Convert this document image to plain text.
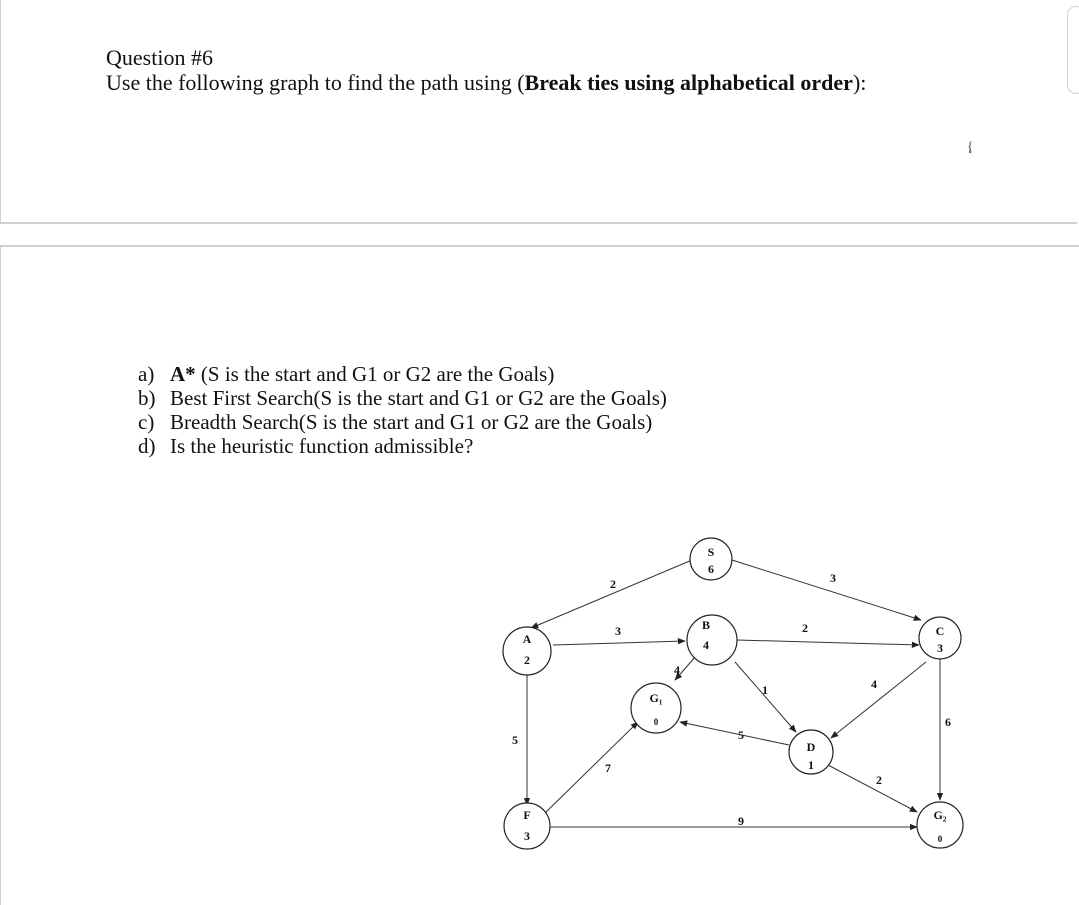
Question #6
Use the following graph to find the path using (Break ties using alphabetical order):
ٕ{
a) A* (S is the start and G1 or G2 are the Goals)
b) Best First Search(S is the start and G1 or G2 are the Goals)
c) Breadth Search(S is the start and G1 or G2 are the Goals)
d) Is the heuristic function admissible?
2	3
3	2
4
1	4
6
5
2
5
7
9
S
6
A
2
B
4
C
3
G₁
0
D
1
F
3
G₂
0
